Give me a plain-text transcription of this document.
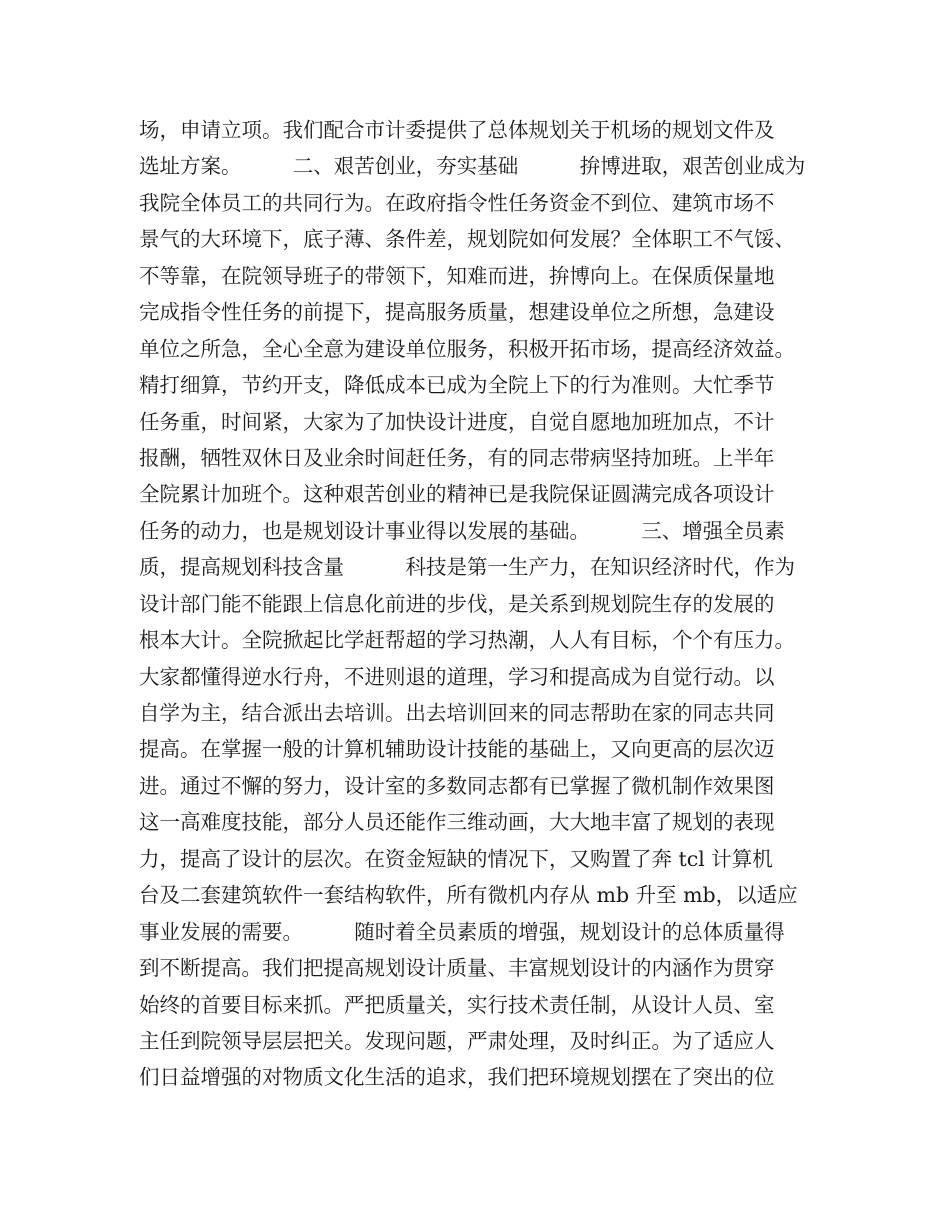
场，申请立项。我们配合市计委提供了总体规划关于机场的规划文件及
选址方案。　　　二、艰苦创业，夯实基础　　　拚博进取，艰苦创业成为
我院全体员工的共同行为。在政府指令性任务资金不到位、建筑市场不
景气的大环境下，底子薄、条件差，规划院如何发展？全体职工不气馁、
不等靠，在院领导班子的带领下，知难而进，拚博向上。在保质保量地
完成指令性任务的前提下，提高服务质量，想建设单位之所想，急建设
单位之所急，全心全意为建设单位服务，积极开拓市场，提高经济效益。
精打细算，节约开支，降低成本已成为全院上下的行为准则。大忙季节
任务重，时间紧，大家为了加快设计进度，自觉自愿地加班加点，不计
报酬，牺牲双休日及业余时间赶任务，有的同志带病坚持加班。上半年
全院累计加班个。这种艰苦创业的精神已是我院保证圆满完成各项设计
任务的动力，也是规划设计事业得以发展的基础。　　　三、增强全员素
质，提高规划科技含量　　　科技是第一生产力，在知识经济时代，作为
设计部门能不能跟上信息化前进的步伐，是关系到规划院生存的发展的
根本大计。全院掀起比学赶帮超的学习热潮，人人有目标，个个有压力。
大家都懂得逆水行舟，不进则退的道理，学习和提高成为自觉行动。以
自学为主，结合派出去培训。出去培训回来的同志帮助在家的同志共同
提高。在掌握一般的计算机辅助设计技能的基础上，又向更高的层次迈
进。通过不懈的努力，设计室的多数同志都有已掌握了微机制作效果图
这一高难度技能，部分人员还能作三维动画，大大地丰富了规划的表现
力，提高了设计的层次。在资金短缺的情况下，又购置了奔 tcl 计算机
台及二套建筑软件一套结构软件，所有微机内存从 mb 升至 mb，以适应
事业发展的需要。　　　随时着全员素质的增强，规划设计的总体质量得
到不断提高。我们把提高规划设计质量、丰富规划设计的内涵作为贯穿
始终的首要目标来抓。严把质量关，实行技术责任制，从设计人员、室
主任到院领导层层把关。发现问题，严肃处理，及时纠正。为了适应人
们日益增强的对物质文化生活的追求，我们把环境规划摆在了突出的位
